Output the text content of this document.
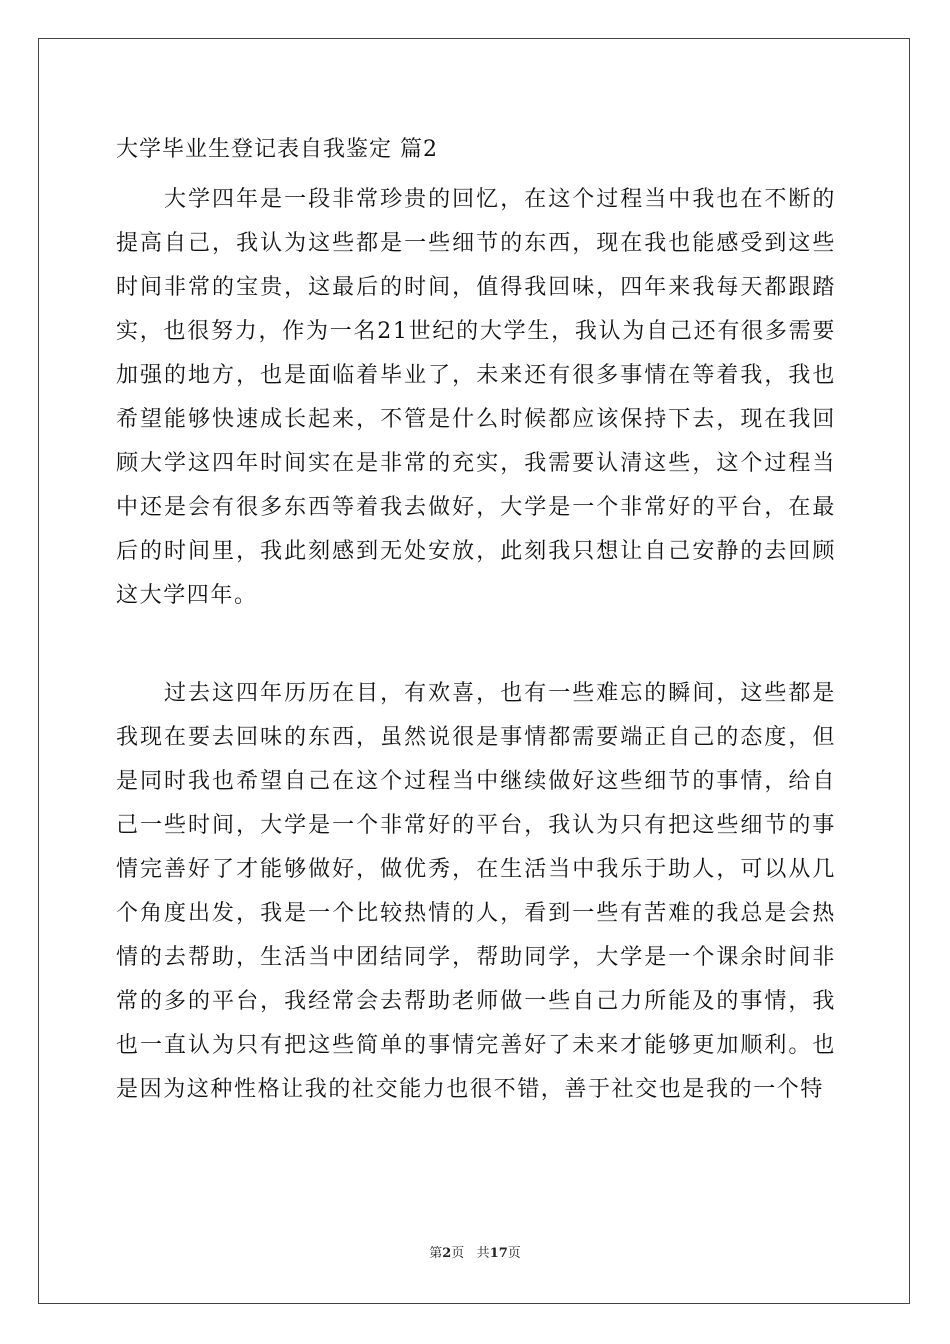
大学毕业生登记表自我鉴定 篇2

大学四年是一段非常珍贵的回忆，在这个过程当中我也在不断的提高自己，我认为这些都是一些细节的东西，现在我也能感受到这些时间非常的宝贵，这最后的时间，值得我回味，四年来我每天都跟踏实，也很努力，作为一名21世纪的大学生，我认为自己还有很多需要加强的地方，也是面临着毕业了，未来还有很多事情在等着我，我也希望能够快速成长起来，不管是什么时候都应该保持下去，现在我回顾大学这四年时间实在是非常的充实，我需要认清这些，这个过程当中还是会有很多东西等着我去做好，大学是一个非常好的平台，在最后的时间里，我此刻感到无处安放，此刻我只想让自己安静的去回顾这大学四年。

过去这四年历历在目，有欢喜，也有一些难忘的瞬间，这些都是我现在要去回味的东西，虽然说很是事情都需要端正自己的态度，但是同时我也希望自己在这个过程当中继续做好这些细节的事情，给自己一些时间，大学是一个非常好的平台，我认为只有把这些细节的事情完善好了才能够做好，做优秀，在生活当中我乐于助人，可以从几个角度出发，我是一个比较热情的人，看到一些有苦难的我总是会热情的去帮助，生活当中团结同学，帮助同学，大学是一个课余时间非常的多的平台，我经常会去帮助老师做一些自己力所能及的事情，我也一直认为只有把这些简单的事情完善好了未来才能够更加顺利。也是因为这种性格让我的社交能力也很不错，善于社交也是我的一个特

第2页 共17页
